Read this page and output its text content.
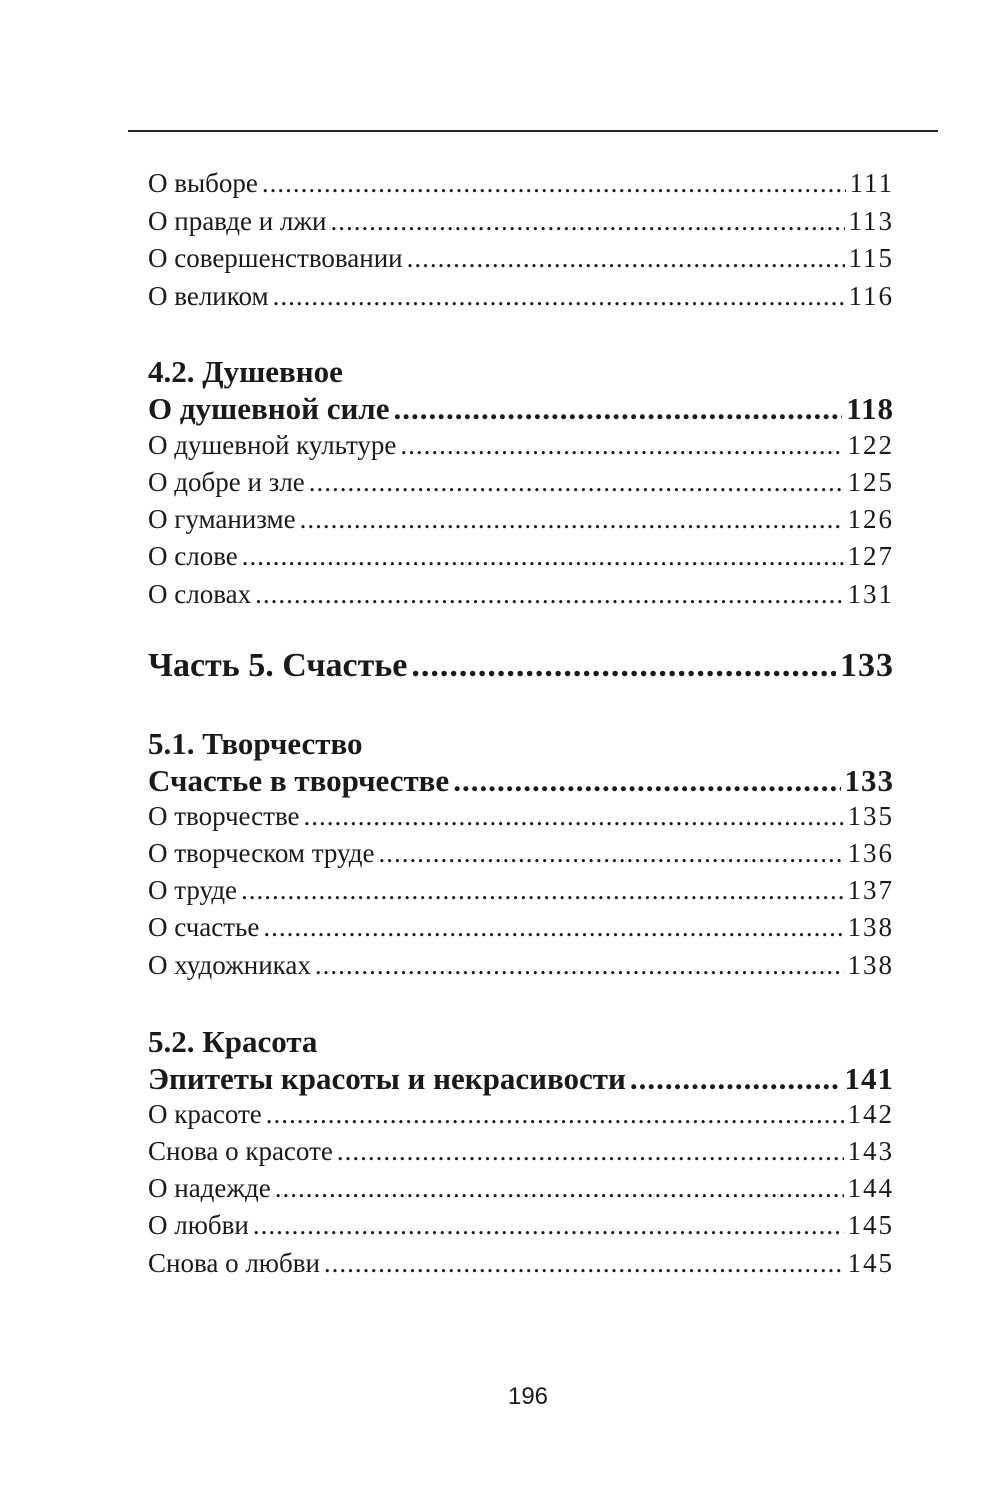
О выборе .....	111
О правде и лжи .....	113
О совершенствовании .....	115
О великом .....	116
4.2. Душевное
О душевной силе .....	118
О душевной культуре .....	122
О добре и зле .....	125
О гуманизме .....	126
О слове .....	127
О словах .....	131
Часть 5. Счастье .....	133
5.1. Творчество
Счастье в творчестве .....	133
О творчестве .....	135
О творческом труде .....	136
О труде .....	137
О счастье .....	138
О художниках .....	138
5.2. Красота
Эпитеты красоты и некрасивости .....	141
О красоте .....	142
Снова о красоте .....	143
О надежде .....	144
О любви .....	145
Снова о любви .....	145
196
